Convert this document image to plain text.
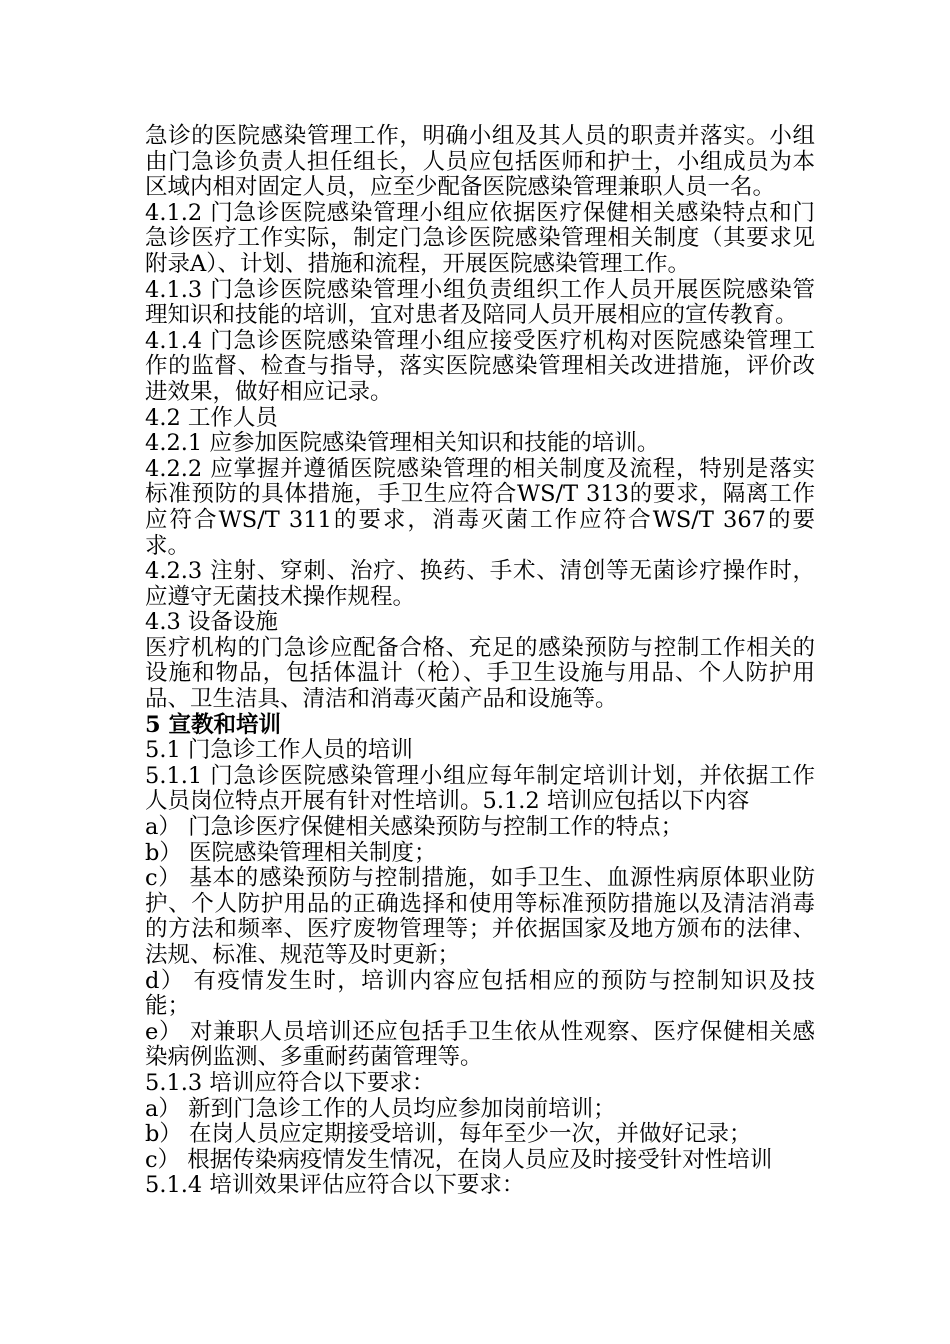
急诊的医院感染管理工作，明确小组及其人员的职责并落实。小组由门急诊负责人担任组长，人员应包括医师和护士，小组成员为本区域内相对固定人员，应至少配备医院感染管理兼职人员一名。

4.1.2 门急诊医院感染管理小组应依据医疗保健相关感染特点和门急诊医疗工作实际，制定门急诊医院感染管理相关制度（其要求见附录A）、计划、措施和流程，开展医院感染管理工作。

4.1.3 门急诊医院感染管理小组负责组织工作人员开展医院感染管理知识和技能的培训，宜对患者及陪同人员开展相应的宣传教育。

4.1.4 门急诊医院感染管理小组应接受医疗机构对医院感染管理工作的监督、检查与指导，落实医院感染管理相关改进措施，评价改进效果，做好相应记录。

4.2 工作人员

4.2.1 应参加医院感染管理相关知识和技能的培训。

4.2.2 应掌握并遵循医院感染管理的相关制度及流程，特别是落实标准预防的具体措施，手卫生应符合WS/T 313的要求，隔离工作应符合WS/T 311的要求，消毒灭菌工作应符合WS/T 367的要求。

4.2.3 注射、穿刺、治疗、换药、手术、清创等无菌诊疗操作时，应遵守无菌技术操作规程。

4.3 设备设施

医疗机构的门急诊应配备合格、充足的感染预防与控制工作相关的设施和物品，包括体温计（枪）、手卫生设施与用品、个人防护用品、卫生洁具、清洁和消毒灭菌产品和设施等。

5 宣教和培训

5.1 门急诊工作人员的培训

5.1.1 门急诊医院感染管理小组应每年制定培训计划，并依据工作人员岗位特点开展有针对性培训。5.1.2 培训应包括以下内容

a） 门急诊医疗保健相关感染预防与控制工作的特点；

b） 医院感染管理相关制度；

c） 基本的感染预防与控制措施，如手卫生、血源性病原体职业防护、个人防护用品的正确选择和使用等标准预防措施以及清洁消毒的方法和频率、医疗废物管理等；并依据国家及地方颁布的法律、法规、标准、规范等及时更新；

d） 有疫情发生时，培训内容应包括相应的预防与控制知识及技能；

e） 对兼职人员培训还应包括手卫生依从性观察、医疗保健相关感染病例监测、多重耐药菌管理等。

5.1.3 培训应符合以下要求：

a） 新到门急诊工作的人员均应参加岗前培训；

b） 在岗人员应定期接受培训，每年至少一次，并做好记录；

c） 根据传染病疫情发生情况，在岗人员应及时接受针对性培训

5.1.4 培训效果评估应符合以下要求：
